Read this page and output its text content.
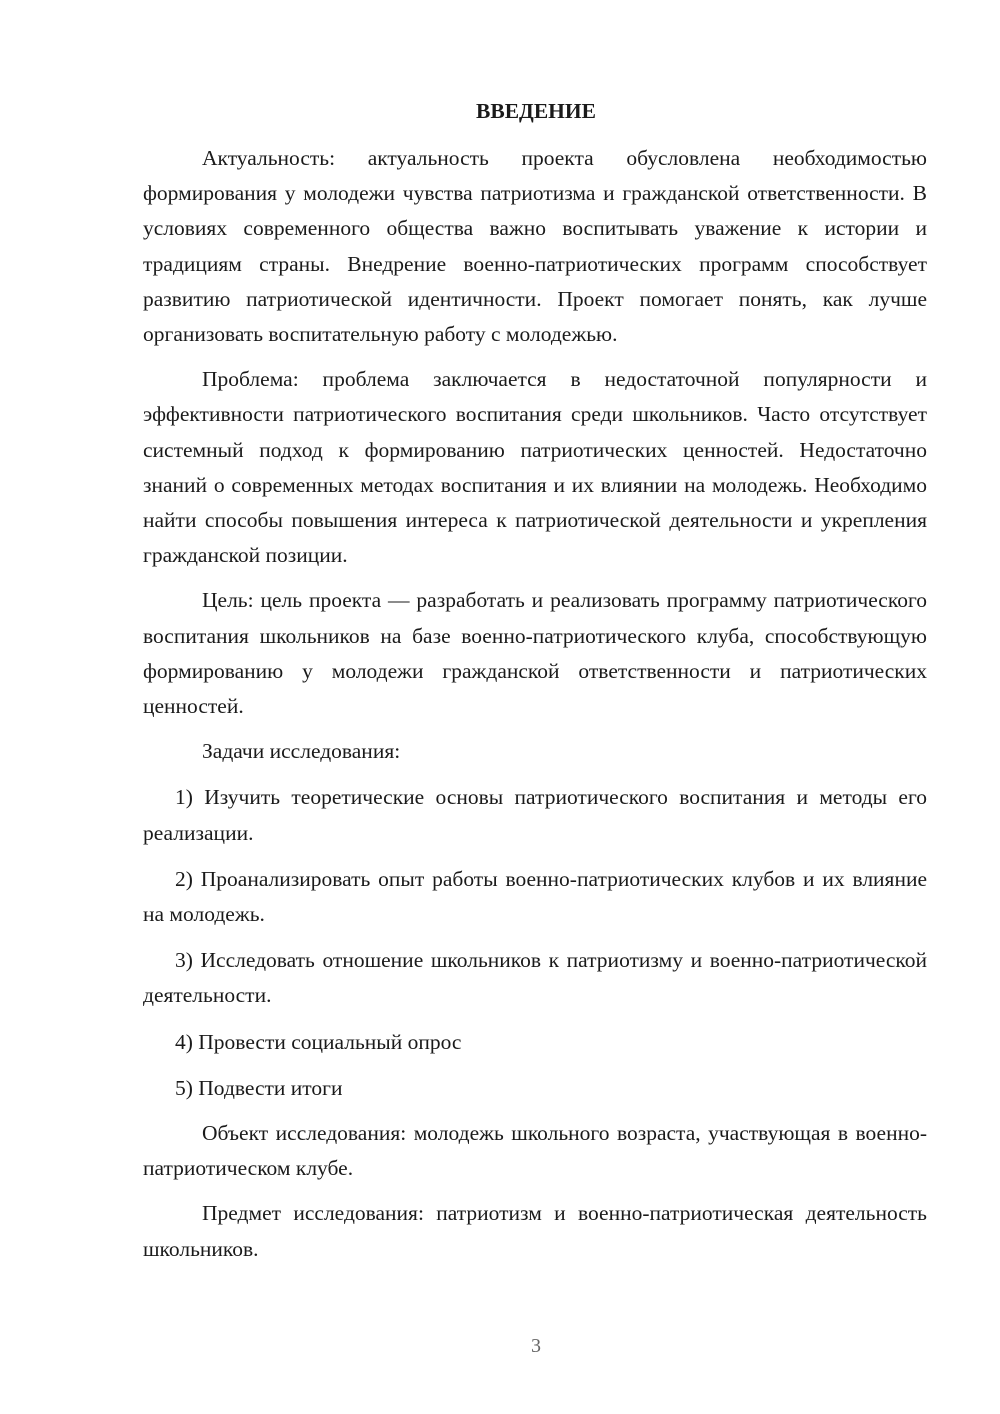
ВВЕДЕНИЕ

Актуальность: актуальность проекта обусловлена необходимостью формирования у молодежи чувства патриотизма и гражданской ответственности. В условиях современного общества важно воспитывать уважение к истории и традициям страны. Внедрение военно-патриотических программ способствует развитию патриотической идентичности. Проект помогает понять, как лучше организовать воспитательную работу с молодежью.

Проблема: проблема заключается в недостаточной популярности и эффективности патриотического воспитания среди школьников. Часто отсутствует системный подход к формированию патриотических ценностей. Недостаточно знаний о современных методах воспитания и их влиянии на молодежь. Необходимо найти способы повышения интереса к патриотической деятельности и укрепления гражданской позиции.

Цель: цель проекта — разработать и реализовать программу патриотического воспитания школьников на базе военно-патриотического клуба, способствующую формированию у молодежи гражданской ответственности и патриотических ценностей.

Задачи исследования:

1) Изучить теоретические основы патриотического воспитания и методы его реализации.

2) Проанализировать опыт работы военно-патриотических клубов и их влияние на молодежь.

3) Исследовать отношение школьников к патриотизму и военно-патриотической деятельности.

4) Провести социальный опрос

5) Подвести итоги

Объект исследования: молодежь школьного возраста, участвующая в военно-патриотическом клубе.

Предмет исследования: патриотизм и военно-патриотическая деятельность школьников.

3
